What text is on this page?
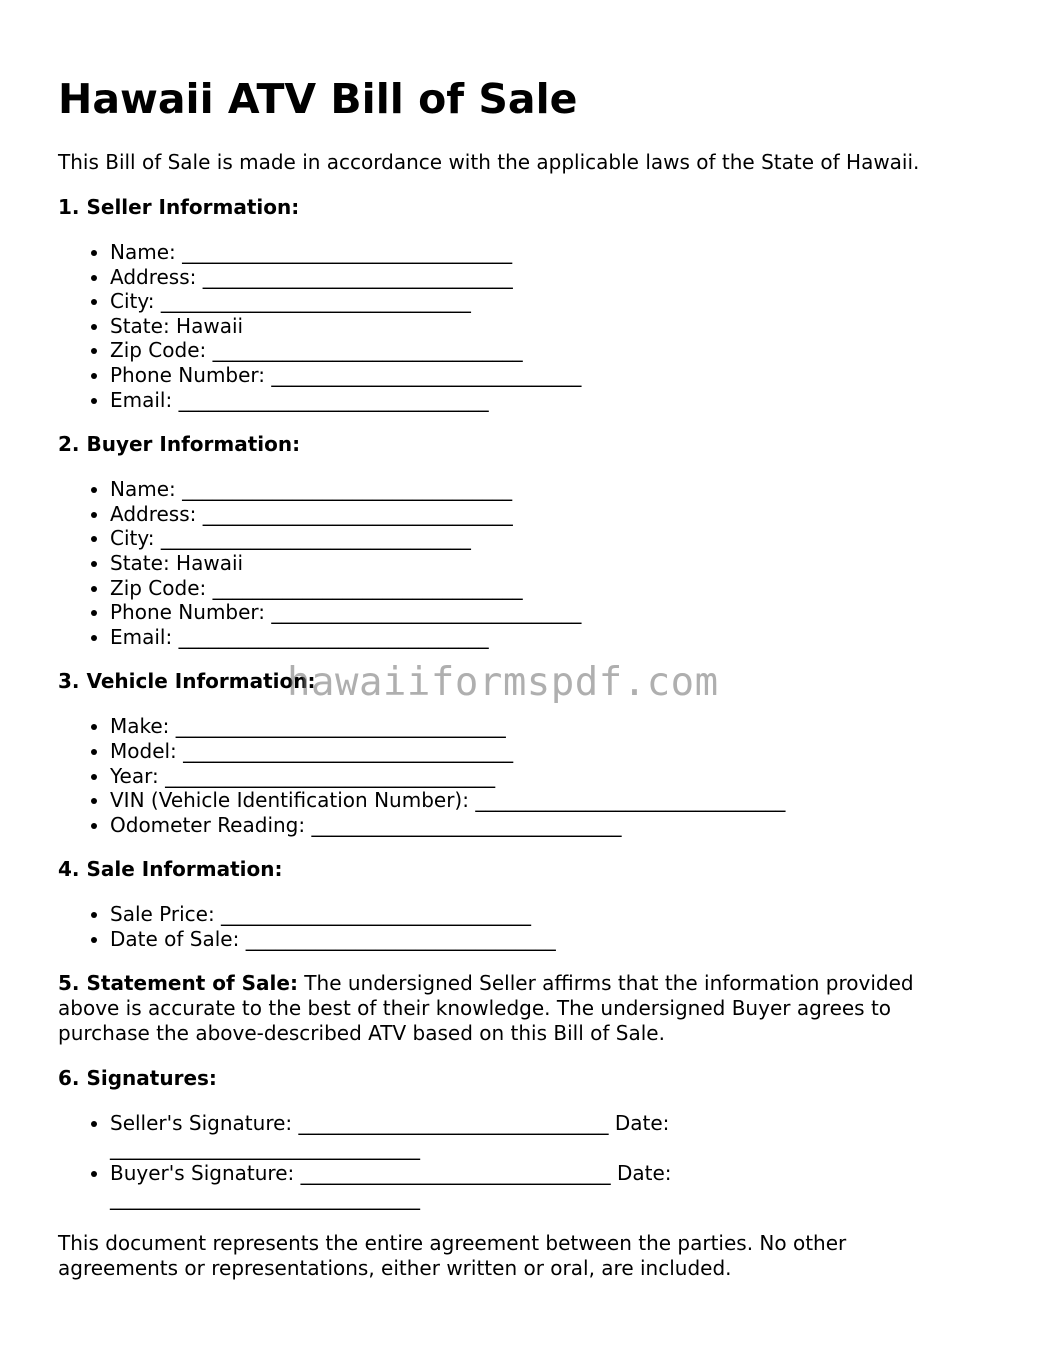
Hawaii ATV Bill of Sale

This Bill of Sale is made in accordance with the applicable laws of the State of Hawaii.

1. Seller Information:
• Name: _________________________________
• Address: _______________________________
• City: _______________________________
• State: Hawaii
• Zip Code: _______________________________
• Phone Number: _______________________________
• Email: _______________________________
2. Buyer Information:
• Name: _________________________________
• Address: _______________________________
• City: _______________________________
• State: Hawaii
• Zip Code: _______________________________
• Phone Number: _______________________________
• Email: _______________________________
3. Vehicle Information:
• Make: _________________________________
• Model: _________________________________
• Year: _________________________________
• VIN (Vehicle Identification Number): _______________________________
• Odometer Reading: _______________________________
4. Sale Information:
• Sale Price: _______________________________
• Date of Sale: _______________________________

5. Statement of Sale: The undersigned Seller affirms that the information provided above is accurate to the best of their knowledge. The undersigned Buyer agrees to purchase the above-described ATV based on this Bill of Sale.

6. Signatures:
• Seller's Signature: _______________________________ Date: _______________________________
• Buyer's Signature: _______________________________ Date: _______________________________

This document represents the entire agreement between the parties. No other agreements or representations, either written or oral, are included.

hawaiiformspdf.com
